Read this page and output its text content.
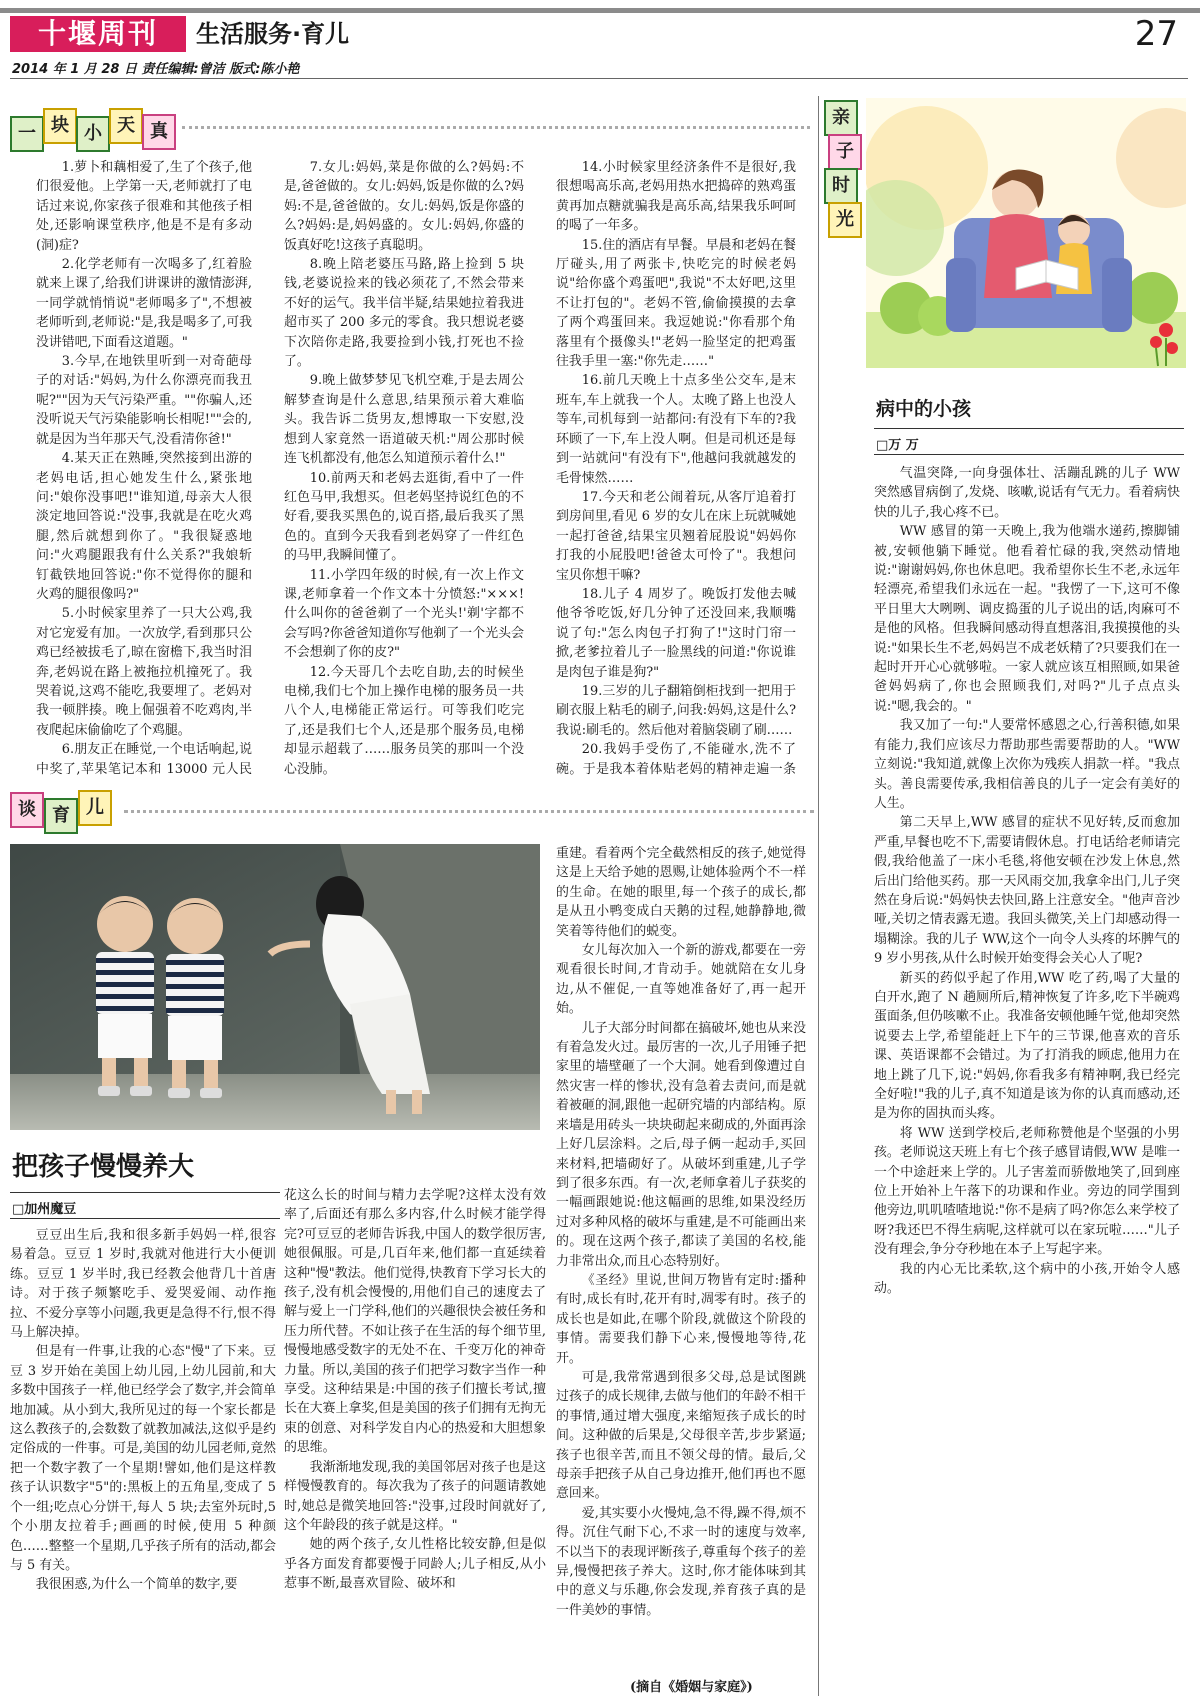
十堰周刊	生活服务·育儿	27
2014 年 1 月 28 日 责任编辑:曾洁 版式:陈小艳
一 块 小 天 真

1.萝卜和藕相爱了,生了个孩子,他们很爱他。上学第一天,老师就打了电话过来说,你家孩子很难和其他孩子相处,还影响课堂秩序,他是不是有多动(洞)症?

2.化学老师有一次喝多了,红着脸就来上课了,给我们讲课讲的激情澎湃,一同学就悄悄说"老师喝多了",不想被老师听到,老师说:"是,我是喝多了,可我没讲错吧,下面看这道题。"

3.今早,在地铁里听到一对奇葩母子的对话:"妈妈,为什么你漂亮而我丑呢?""因为天气污染严重。""你骗人,还没听说天气污染能影响长相呢!""会的,就是因为当年那天气,没看清你爸!"

4.某天正在熟睡,突然接到出游的老妈电话,担心她发生什么,紧张地问:"娘你没事吧!"谁知道,母亲大人很淡定地回答说:"没事,我就是在吃火鸡腿,然后就想到你了。"我很疑惑地问:"火鸡腿跟我有什么关系?"我娘斩钉截铁地回答说:"你不觉得你的腿和火鸡的腿很像吗?"

5.小时候家里养了一只大公鸡,我对它宠爱有加。一次放学,看到那只公鸡已经被拔毛了,晾在窗檐下,我当时泪奔,老妈说在路上被拖拉机撞死了。我哭着说,这鸡不能吃,我要埋了。老妈对我一顿胖揍。晚上倔强着不吃鸡肉,半夜爬起床偷偷吃了个鸡腿。

6.朋友正在睡觉,一个电话响起,说中奖了,苹果笔记本和 13000 元人民

7.女儿:妈妈,菜是你做的么?妈妈:不是,爸爸做的。女儿:妈妈,饭是你做的么?妈妈:不是,爸爸做的。女儿:妈妈,饭是你盛的么?妈妈:是,妈妈盛的。女儿:妈妈,你盛的饭真好吃!这孩子真聪明。

8.晚上陪老婆压马路,路上捡到 5 块钱,老婆说捡来的钱必须花了,不然会带来不好的运气。我半信半疑,结果她拉着我进超市买了 200 多元的零食。我只想说老婆下次陪你走路,我要捡到小钱,打死也不捡了。

9.晚上做梦梦见飞机空难,于是去周公解梦查询是什么意思,结果预示着大难临头。我告诉二货男友,想博取一下安慰,没想到人家竟然一语道破天机:"周公那时候连飞机都没有,他怎么知道预示着什么!"

10.前两天和老妈去逛街,看中了一件红色马甲,我想买。但老妈坚持说红色的不好看,要我买黑色的,说百搭,最后我买了黑色的。直到今天我看到老妈穿了一件红色的马甲,我瞬间懂了。

11.小学四年级的时候,有一次上作文课,老师拿着一个作文本十分愤怒:"×××!什么叫你的爸爸剃了一个光头!'剃'字都不会写吗?你爸爸知道你写他剃了一个光头会不会想剃了你的皮?"

12.今天哥几个去吃自助,去的时候坐电梯,我们七个加上操作电梯的服务员一共八个人,电梯能正常运行。可等我们吃完了,还是我们七个人,还是那个服务员,电梯却显示超载了……服务员笑的那叫一个没心没肺。

14.小时候家里经济条件不是很好,我很想喝高乐高,老妈用热水把捣碎的熟鸡蛋黄再加点糖就骗我是高乐高,结果我乐呵呵的喝了一年多。

15.住的酒店有早餐。早晨和老妈在餐厅碰头,用了两张卡,快吃完的时候老妈说"给你盛个鸡蛋吧",我说"不太好吧,这里不让打包的"。老妈不管,偷偷摸摸的去拿了两个鸡蛋回来。我逗她说:"你看那个角落里有个摄像头!"老妈一脸坚定的把鸡蛋往我手里一塞:"你先走……"

16.前几天晚上十点多坐公交车,是末班车,车上就我一个人。太晚了路上也没人等车,司机每到一站都问:有没有下车的?我环顾了一下,车上没人啊。但是司机还是每到一站就问"有没有下",他越问我就越发的毛骨悚然……

17.今天和老公闹着玩,从客厅追着打到房间里,看见 6 岁的女儿在床上玩就喊她一起打爸爸,结果宝贝翘着屁股说"妈妈你打我的小屁股吧!爸爸太可怜了"。我想问宝贝你想干嘛?

18.儿子 4 周岁了。晚饭打发他去喊他爷爷吃饭,好几分钟了还没回来,我顺嘴说了句:"怎么肉包子打狗了!"这时门帘一掀,老爹拉着儿子一脸黑线的问道:"你说谁是肉包子谁是狗?"

19.三岁的儿子翻箱倒柜找到一把用于刷衣服上粘毛的刷子,问我:妈妈,这是什么?我说:刷毛的。然后他对着脑袋刷了刷……

20.我妈手受伤了,不能碰水,洗不了碗。于是我本着体贴老妈的精神走遍一条

谈 育 儿
把孩子慢慢养大
□加州魔豆

豆豆出生后,我和很多新手妈妈一样,很容易着急。豆豆 1 岁时,我就对他进行大小便训练。豆豆 1 岁半时,我已经教会他背几十首唐诗。对于孩子频繁吃手、爱哭爱闹、动作拖拉、不爱分享等小问题,我更是急得不行,恨不得马上解决掉。

但是有一件事,让我的心态"慢"了下来。豆豆 3 岁开始在美国上幼儿园,上幼儿园前,和大多数中国孩子一样,他已经学会了数字,并会简单地加减。从小到大,我所见过的每一个家长都是这么教孩子的,会数数了就教加减法,这似乎是约定俗成的一件事。可是,美国的幼儿园老师,竟然把一个数字教了一个星期!譬如,他们是这样教孩子认识数字"5"的:黑板上的五角星,变成了 5 个一组;吃点心分饼干,每人 5 块;去室外玩时,5 个小朋友拉着手;画画的时候,使用 5 种颜色……整整一个星期,几乎孩子所有的活动,都会与 5 有关。

我很困惑,为什么一个简单的数字,要

花这么长的时间与精力去学呢?这样太没有效率了,后面还有那么多内容,什么时候才能学得完?可豆豆的老师告诉我,中国人的数学很厉害,她很佩服。可是,几百年来,他们都一直延续着这种"慢"教法。他们觉得,快教育下学习长大的孩子,没有机会慢慢的,用他们自己的速度去了解与爱上一门学科,他们的兴趣很快会被任务和压力所代替。不如让孩子在生活的每个细节里,慢慢地感受数字的无处不在、千变万化的神奇力量。所以,美国的孩子们把学习数字当作一种享受。这种结果是:中国的孩子们擅长考试,擅长在大赛上拿奖,但是美国的孩子们拥有无拘无束的创意、对科学发自内心的热爱和大胆想象的思维。

我渐渐地发现,我的美国邻居对孩子也是这样慢慢教育的。每次我为了孩子的问题请教她时,她总是微笑地回答:"没事,过段时间就好了,这个年龄段的孩子就是这样。"

她的两个孩子,女儿性格比较安静,但是似乎各方面发育都要慢于同龄人;儿子相反,从小惹事不断,最喜欢冒险、破坏和

重建。看着两个完全截然相反的孩子,她觉得这是上天给予她的恩赐,让她体验两个不一样的生命。在她的眼里,每一个孩子的成长,都是从丑小鸭变成白天鹅的过程,她静静地,微笑着等待他们的蜕变。

女儿每次加入一个新的游戏,都要在一旁观看很长时间,才肯动手。她就陪在女儿身边,从不催促,一直等她准备好了,再一起开始。

儿子大部分时间都在搞破坏,她也从来没有着急发火过。最厉害的一次,儿子用锤子把家里的墙壁砸了一个大洞。她看到像遭过自然灾害一样的惨状,没有急着去责问,而是就着被砸的洞,跟他一起研究墙的内部结构。原来墙是用砖头一块块砌起来砌成的,外面再涂上好几层涂料。之后,母子俩一起动手,买回来材料,把墙砌好了。从破坏到重建,儿子学到了很多东西。有一次,老师拿着儿子获奖的一幅画跟她说:他这幅画的思维,如果没经历过对多种风格的破坏与重建,是不可能画出来的。现在这两个孩子,都读了美国的名校,能力非常出众,而且心态特别好。

《圣经》里说,世间万物皆有定时:播种有时,成长有时,花开有时,凋零有时。孩子的成长也是如此,在哪个阶段,就做这个阶段的事情。需要我们静下心来,慢慢地等待,花开。

可是,我常常遇到很多父母,总是试图跳过孩子的成长规律,去做与他们的年龄不相干的事情,通过增大强度,来缩短孩子成长的时间。这种做的后果是,父母很辛苦,步步紧逼;孩子也很辛苦,而且不领父母的情。最后,父母亲手把孩子从自己身边推开,他们再也不愿意回来。

爱,其实要小火慢炖,急不得,躁不得,烦不得。沉住气耐下心,不求一时的速度与效率,不以当下的表现评断孩子,尊重每个孩子的差异,慢慢把孩子养大。这时,你才能体味到其中的意义与乐趣,你会发现,养育孩子真的是一件美妙的事情。

(摘自《婚姻与家庭》)
亲
子
时
光
病中的小孩
□万 万

气温突降,一向身强体壮、活蹦乱跳的儿子 WW 突然感冒病倒了,发烧、咳嗽,说话有气无力。看着病快快的儿子,我心疼不已。

WW 感冒的第一天晚上,我为他端水递药,擦脚铺被,安顿他躺下睡觉。他看着忙碌的我,突然动情地说:"谢谢妈妈,你也休息吧。我希望你长生不老,永远年轻漂亮,希望我们永远在一起。"我愣了一下,这可不像平日里大大咧咧、调皮捣蛋的儿子说出的话,肉麻可不是他的风格。但我瞬间感动得直想落泪,我摸摸他的头说:"如果长生不老,妈妈岂不成老妖精了?只要我们在一起时开开心心就够啦。一家人就应该互相照顾,如果爸爸妈妈病了,你也会照顾我们,对吗?"儿子点点头说:"嗯,我会的。"

我又加了一句:"人要常怀感恩之心,行善积德,如果有能力,我们应该尽力帮助那些需要帮助的人。"WW 立刻说:"我知道,就像上次你为残疾人捐款一样。"我点头。善良需要传承,我相信善良的儿子一定会有美好的人生。

第二天早上,WW 感冒的症状不见好转,反而愈加严重,早餐也吃不下,需要请假休息。打电话给老师请完假,我给他盖了一床小毛毯,将他安顿在沙发上休息,然后出门给他买药。那一天风雨交加,我拿伞出门,儿子突然在身后说:"妈妈快去快回,路上注意安全。"他声音沙哑,关切之情表露无遗。我回头微笑,关上门却感动得一塌糊涂。我的儿子 WW,这个一向令人头疼的坏脾气的 9 岁小男孩,从什么时候开始变得会关心人了呢?

新买的药似乎起了作用,WW 吃了药,喝了大量的白开水,跑了 N 趟厕所后,精神恢复了许多,吃下半碗鸡蛋面条,但仍咳嗽不止。我准备安顿他睡午觉,他却突然说要去上学,希望能赶上下午的三节课,他喜欢的音乐课、英语课都不会错过。为了打消我的顾虑,他用力在地上跳了几下,说:"妈妈,你看我多有精神啊,我已经完全好啦!"我的儿子,真不知道是该为你的认真而感动,还是为你的固执而头疼。

将 WW 送到学校后,老师称赞他是个坚强的小男孩。老师说这天班上有七个孩子感冒请假,WW 是唯一一个中途赶来上学的。儿子害羞而骄傲地笑了,回到座位上开始补上午落下的功课和作业。旁边的同学围到他旁边,叽叽喳喳地说:"你不是病了吗?你怎么来学校了呀?我还巴不得生病呢,这样就可以在家玩啦……"儿子没有理会,争分夺秒地在本子上写起字来。

我的内心无比柔软,这个病中的小孩,开始令人感动。
